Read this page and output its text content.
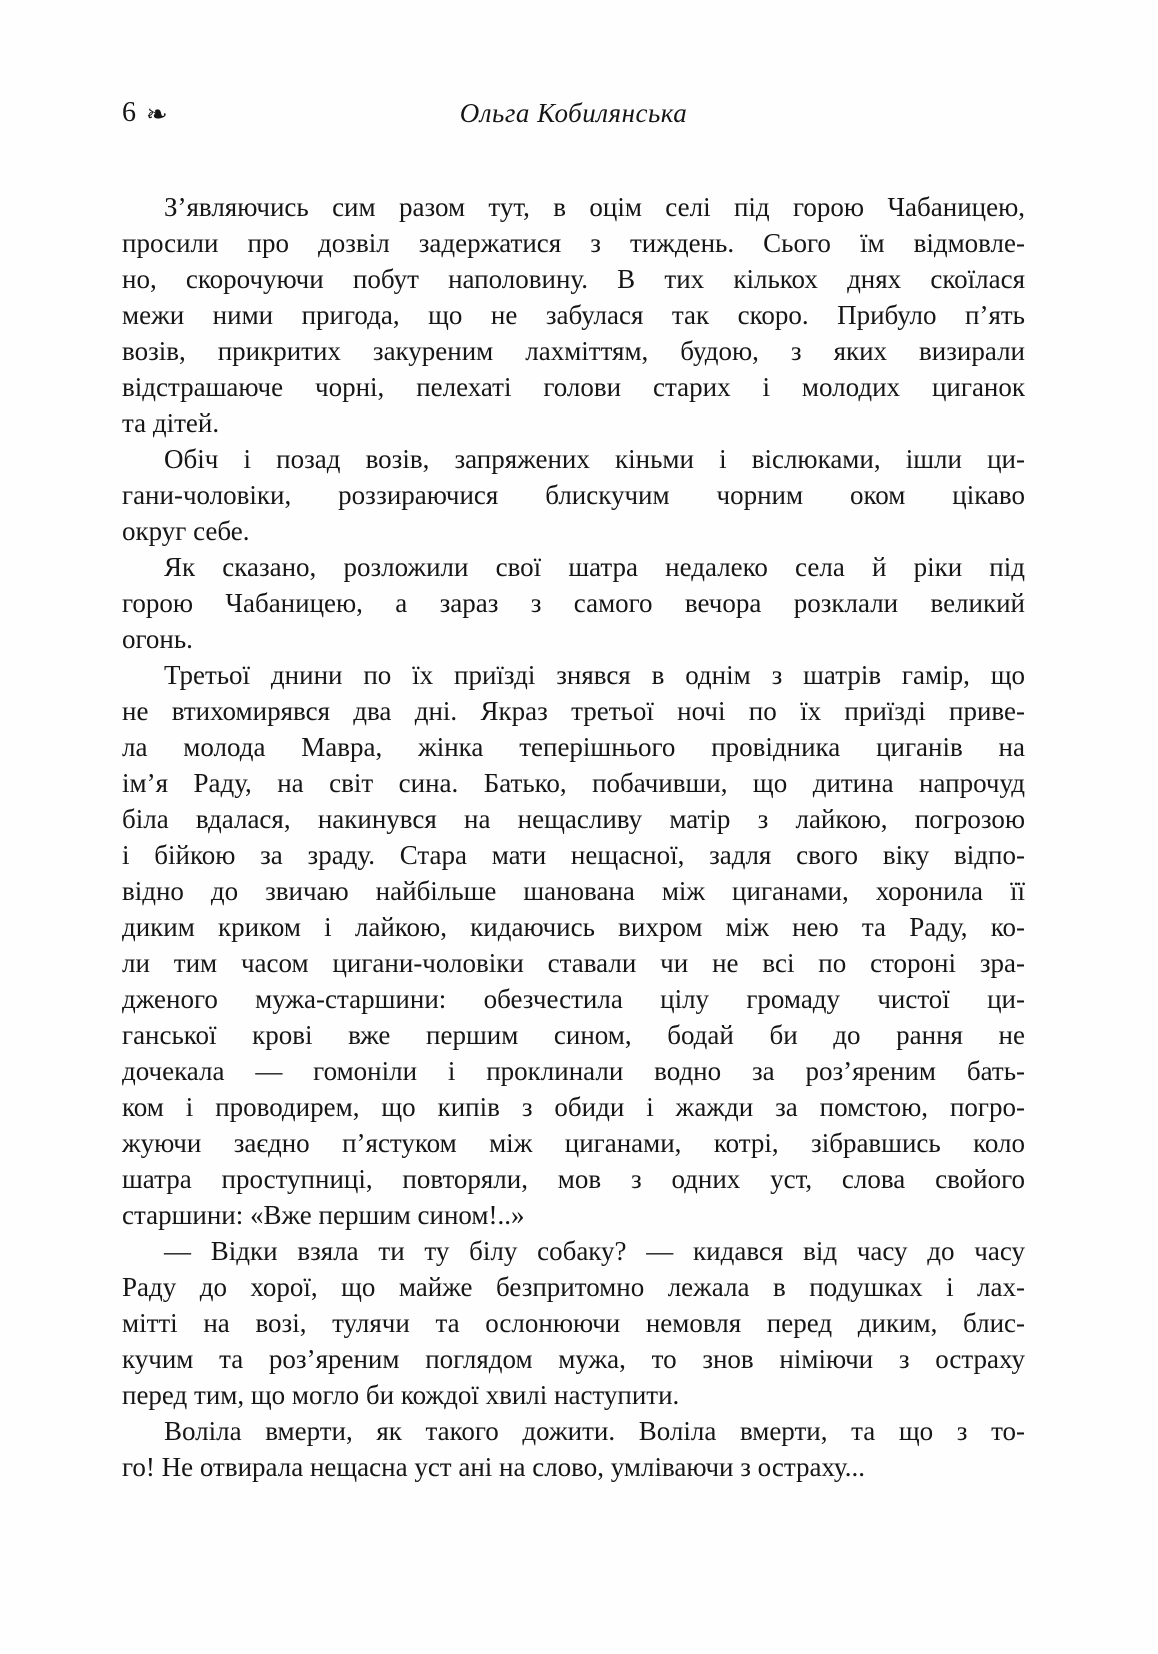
6 ❧	Ольга Кобилянська
З’являючись сим разом тут, в оцім селі під горою Чабаницею,
просили про дозвіл задержатися з тиждень. Сього їм відмовле-
но, скорочуючи побут наполовину. В тих кількох днях скоїлася
межи ними пригода, що не забулася так скоро. Прибуло п’ять
возів, прикритих закуреним лахміттям, будою, з яких визирали
відстрашаюче чорні, пелехаті голови старих і молодих циганок
та дітей.
Обіч і позад возів, запряжених кіньми і віслюками, ішли ци-
гани-чоловіки, роззираючися блискучим чорним оком цікаво
округ себе.
Як сказано, розложили свої шатра недалеко села й ріки під
горою Чабаницею, а зараз з самого вечора розклали великий
огонь.
Третьої днини по їх приїзді знявся в однім з шатрів гамір, що
не втихомирявся два дні. Якраз третьої ночі по їх приїзді приве-
ла молода Мавра, жінка теперішнього провідника циганів на
ім’я Раду, на світ сина. Батько, побачивши, що дитина напрочуд
біла вдалася, накинувся на нещасливу матір з лайкою, погрозою
і бійкою за зраду. Стара мати нещасної, задля свого віку відпо-
відно до звичаю найбільше шанована між циганами, хоронила її
диким криком і лайкою, кидаючись вихром між нею та Раду, ко-
ли тим часом цигани-чоловіки ставали чи не всі по стороні зра-
дженого мужа-старшини: обезчестила цілу громаду чистої ци-
ганської крові вже першим сином, бодай би до рання не
дочекала — гомоніли і проклинали водно за роз’яреним бать-
ком і проводирем, що кипів з обиди і жажди за помстою, погро-
жуючи заєдно п’ястуком між циганами, котрі, зібравшись коло
шатра проступниці, повторяли, мов з одних уст, слова свойого
старшини: «Вже першим сином!..»
— Відки взяла ти ту білу собаку? — кидався від часу до часу
Раду до хорої, що майже безпритомно лежала в подушках і лах-
мітті на возі, тулячи та ослонюючи немовля перед диким, блис-
кучим та роз’яреним поглядом мужа, то знов німіючи з остраху
перед тим, що могло би кождої хвилі наступити.
Воліла вмерти, як такого дожити. Воліла вмерти, та що з то-
го! Не отвирала нещасна уст ані на слово, умліваючи з остраху...
